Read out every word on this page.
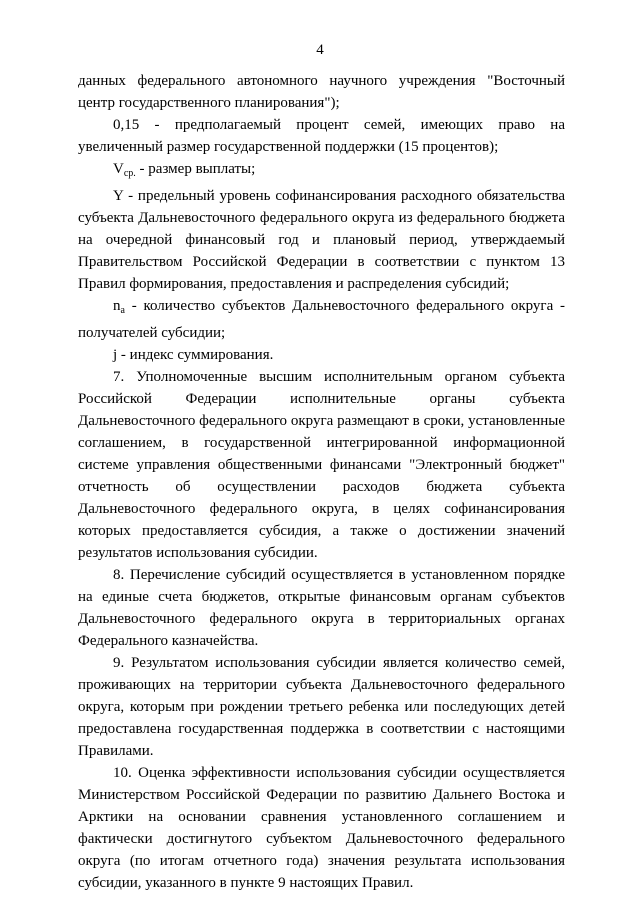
4

данных федерального автономного научного учреждения "Восточный центр государственного планирования");

0,15 - предполагаемый процент семей, имеющих право на увеличенный размер государственной поддержки (15 процентов);

$V_{ср.}$ - размер выплаты;

Y - предельный уровень софинансирования расходного обязательства субъекта Дальневосточного федерального округа из федерального бюджета на очередной финансовый год и плановый период, утверждаемый Правительством Российской Федерации в соответствии с пунктом 13 Правил формирования, предоставления и распределения субсидий;

$n_a$ - количество субъектов Дальневосточного федерального округа - получателей субсидии;

j - индекс суммирования.

7. Уполномоченные высшим исполнительным органом субъекта Российской Федерации исполнительные органы субъекта Дальневосточного федерального округа размещают в сроки, установленные соглашением, в государственной интегрированной информационной системе управления общественными финансами "Электронный бюджет" отчетность об осуществлении расходов бюджета субъекта Дальневосточного федерального округа, в целях софинансирования которых предоставляется субсидия, а также о достижении значений результатов использования субсидии.

8. Перечисление субсидий осуществляется в установленном порядке на единые счета бюджетов, открытые финансовым органам субъектов Дальневосточного федерального округа в территориальных органах Федерального казначейства.

9. Результатом использования субсидии является количество семей, проживающих на территории субъекта Дальневосточного федерального округа, которым при рождении третьего ребенка или последующих детей предоставлена государственная поддержка в соответствии с настоящими Правилами.

10. Оценка эффективности использования субсидии осуществляется Министерством Российской Федерации по развитию Дальнего Востока и Арктики на основании сравнения установленного соглашением и фактически достигнутого субъектом Дальневосточного федерального округа (по итогам отчетного года) значения результата использования субсидии, указанного в пункте 9 настоящих Правил.
